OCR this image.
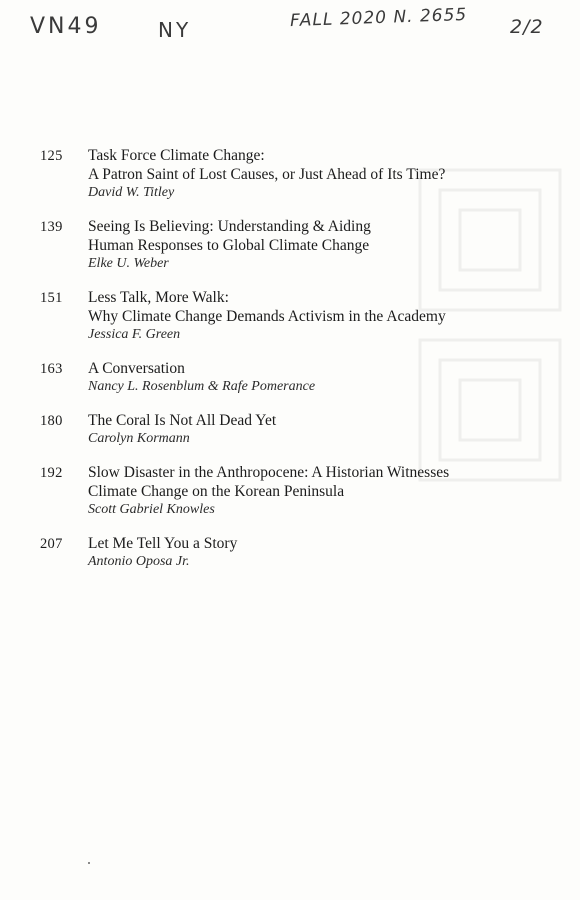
VN49	NY	FALL 2020 N. 2655 2/2
125	Task Force Climate Change:
A Patron Saint of Lost Causes, or Just Ahead of Its Time?
David W. Titley
139	Seeing Is Believing: Understanding & Aiding
Human Responses to Global Climate Change
Elke U. Weber
151	Less Talk, More Walk:
Why Climate Change Demands Activism in the Academy
Jessica F. Green
163	A Conversation
Nancy L. Rosenblum & Rafe Pomerance
180	The Coral Is Not All Dead Yet
Carolyn Kormann
192	Slow Disaster in the Anthropocene: A Historian Witnesses
Climate Change on the Korean Peninsula
Scott Gabriel Knowles
207	Let Me Tell You a Story
Antonio Oposa Jr.
